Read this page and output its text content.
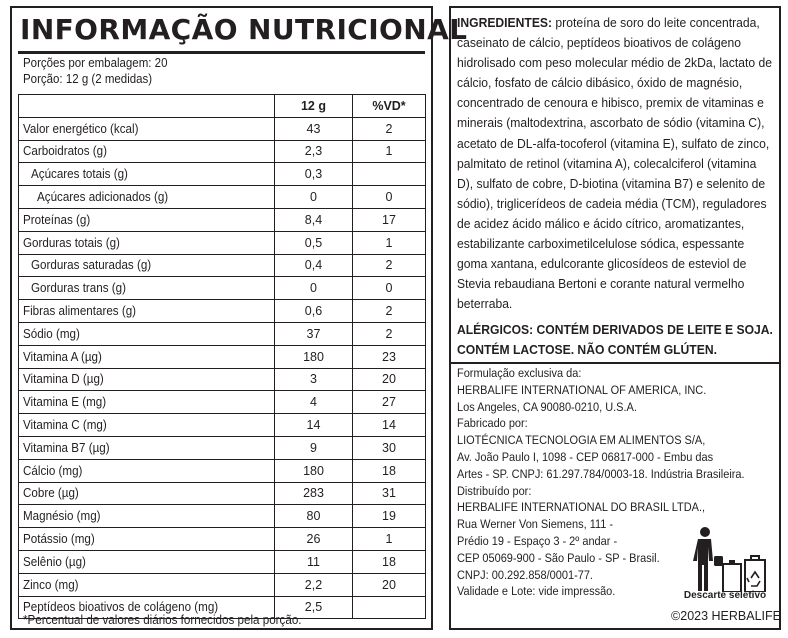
INFORMAÇÃO NUTRICIONAL
Porções por embalagem: 20
Porção: 12 g (2 medidas)
	12 g	%VD*
Valor energético (kcal)	43	2
Carboidratos (g)	2,3	1
Açúcares totais (g)	0,3	
Açúcares adicionados (g)	0	0
Proteínas (g)	8,4	17
Gorduras totais (g)	0,5	1
Gorduras saturadas (g)	0,4	2
Gorduras trans (g)	0	0
Fibras alimentares (g)	0,6	2
Sódio (mg)	37	2
Vitamina A (µg)	180	23
Vitamina D (µg)	3	20
Vitamina E (mg)	4	27
Vitamina C (mg)	14	14
Vitamina B7 (µg)	9	30
Cálcio (mg)	180	18
Cobre (µg)	283	31
Magnésio (mg)	80	19
Potássio (mg)	26	1
Selênio (µg)	11	18
Zinco (mg)	2,2	20
Peptídeos bioativos de colágeno (mg)	2,5	
*Percentual de valores diários fornecidos pela porção.
INGREDIENTES: proteína de soro do leite concentrada, caseinato de cálcio, peptídeos bioativos de colágeno hidrolisado com peso molecular médio de 2kDa, lactato de cálcio, fosfato de cálcio dibásico, óxido de magnésio, concentrado de cenoura e hibisco, premix de vitaminas e minerais (maltodextrina, ascorbato de sódio (vitamina C), acetato de DL-alfa-tocoferol (vitamina E), sulfato de zinco, palmitato de retinol (vitamina A), colecalciferol (vitamina D), sulfato de cobre, D-biotina (vitamina B7) e selenito de sódio), triglicerídeos de cadeia média (TCM), reguladores de acidez ácido málico e ácido cítrico, aromatizantes, estabilizante carboximetilcelulose sódica, espessante goma xantana, edulcorante glicosídeos de esteviol de Stevia rebaudiana Bertoni e corante natural vermelho beterraba.
ALÉRGICOS: CONTÉM DERIVADOS DE LEITE E SOJA. CONTÉM LACTOSE. NÃO CONTÉM GLÚTEN.
Formulação exclusiva da:
HERBALIFE INTERNATIONAL OF AMERICA, INC.
Los Angeles, CA 90080-0210, U.S.A.
Fabricado por:
LIOTÉCNICA TECNOLOGIA EM ALIMENTOS S/A,
Av. João Paulo I, 1098 - CEP 06817-000 - Embu das
Artes - SP. CNPJ: 61.297.784/0003-18. Indústria Brasileira.
Distribuído por:
HERBALIFE INTERNATIONAL DO BRASIL LTDA.,
Rua Werner Von Siemens, 111 -
Prédio 19 - Espaço 3 - 2º andar -
CEP 05069-900 - São Paulo - SP - Brasil.
CNPJ: 00.292.858/0001-77.
Validade e Lote: vide impressão.	Descarte seletivo
©2023 HERBALIFE
